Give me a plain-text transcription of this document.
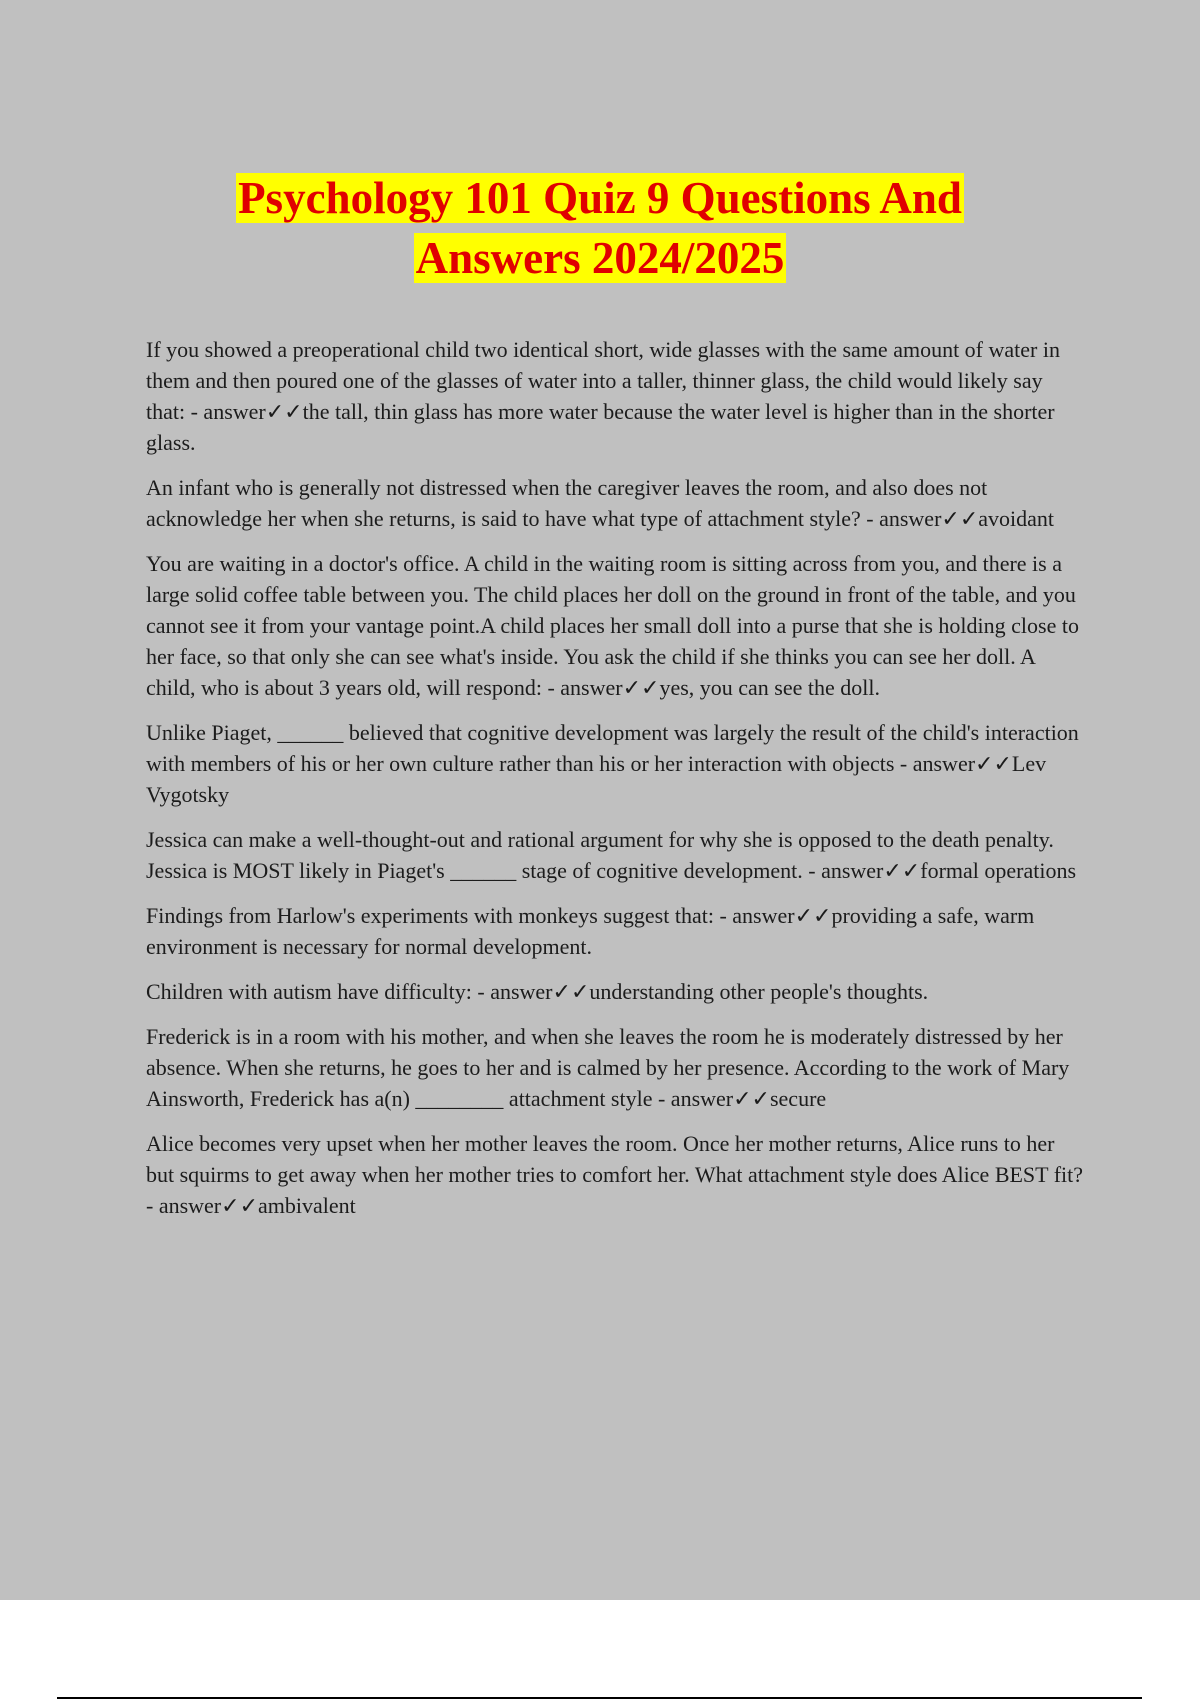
Psychology 101 Quiz 9 Questions And
Answers 2024/2025

If you showed a preoperational child two identical short, wide glasses with the same amount of water in them and then poured one of the glasses of water into a taller, thinner glass, the child would likely say that: - answer✓✓the tall, thin glass has more water because the water level is higher than in the shorter glass.

An infant who is generally not distressed when the caregiver leaves the room, and also does not acknowledge her when she returns, is said to have what type of attachment style? - answer✓✓avoidant

You are waiting in a doctor's office. A child in the waiting room is sitting across from you, and there is a large solid coffee table between you. The child places her doll on the ground in front of the table, and you cannot see it from your vantage point.A child places her small doll into a purse that she is holding close to her face, so that only she can see what's inside. You ask the child if she thinks you can see her doll. A child, who is about 3 years old, will respond: - answer✓✓yes, you can see the doll.

Unlike Piaget, ______ believed that cognitive development was largely the result of the child's interaction with members of his or her own culture rather than his or her interaction with objects - answer✓✓Lev Vygotsky

Jessica can make a well-thought-out and rational argument for why she is opposed to the death penalty. Jessica is MOST likely in Piaget's ______ stage of cognitive development. - answer✓✓formal operations

Findings from Harlow's experiments with monkeys suggest that: - answer✓✓providing a safe, warm environment is necessary for normal development.

Children with autism have difficulty: - answer✓✓understanding other people's thoughts.

Frederick is in a room with his mother, and when she leaves the room he is moderately distressed by her absence. When she returns, he goes to her and is calmed by her presence. According to the work of Mary Ainsworth, Frederick has a(n) ________ attachment style - answer✓✓secure

Alice becomes very upset when her mother leaves the room. Once her mother returns, Alice runs to her but squirms to get away when her mother tries to comfort her. What attachment style does Alice BEST fit? - answer✓✓ambivalent
